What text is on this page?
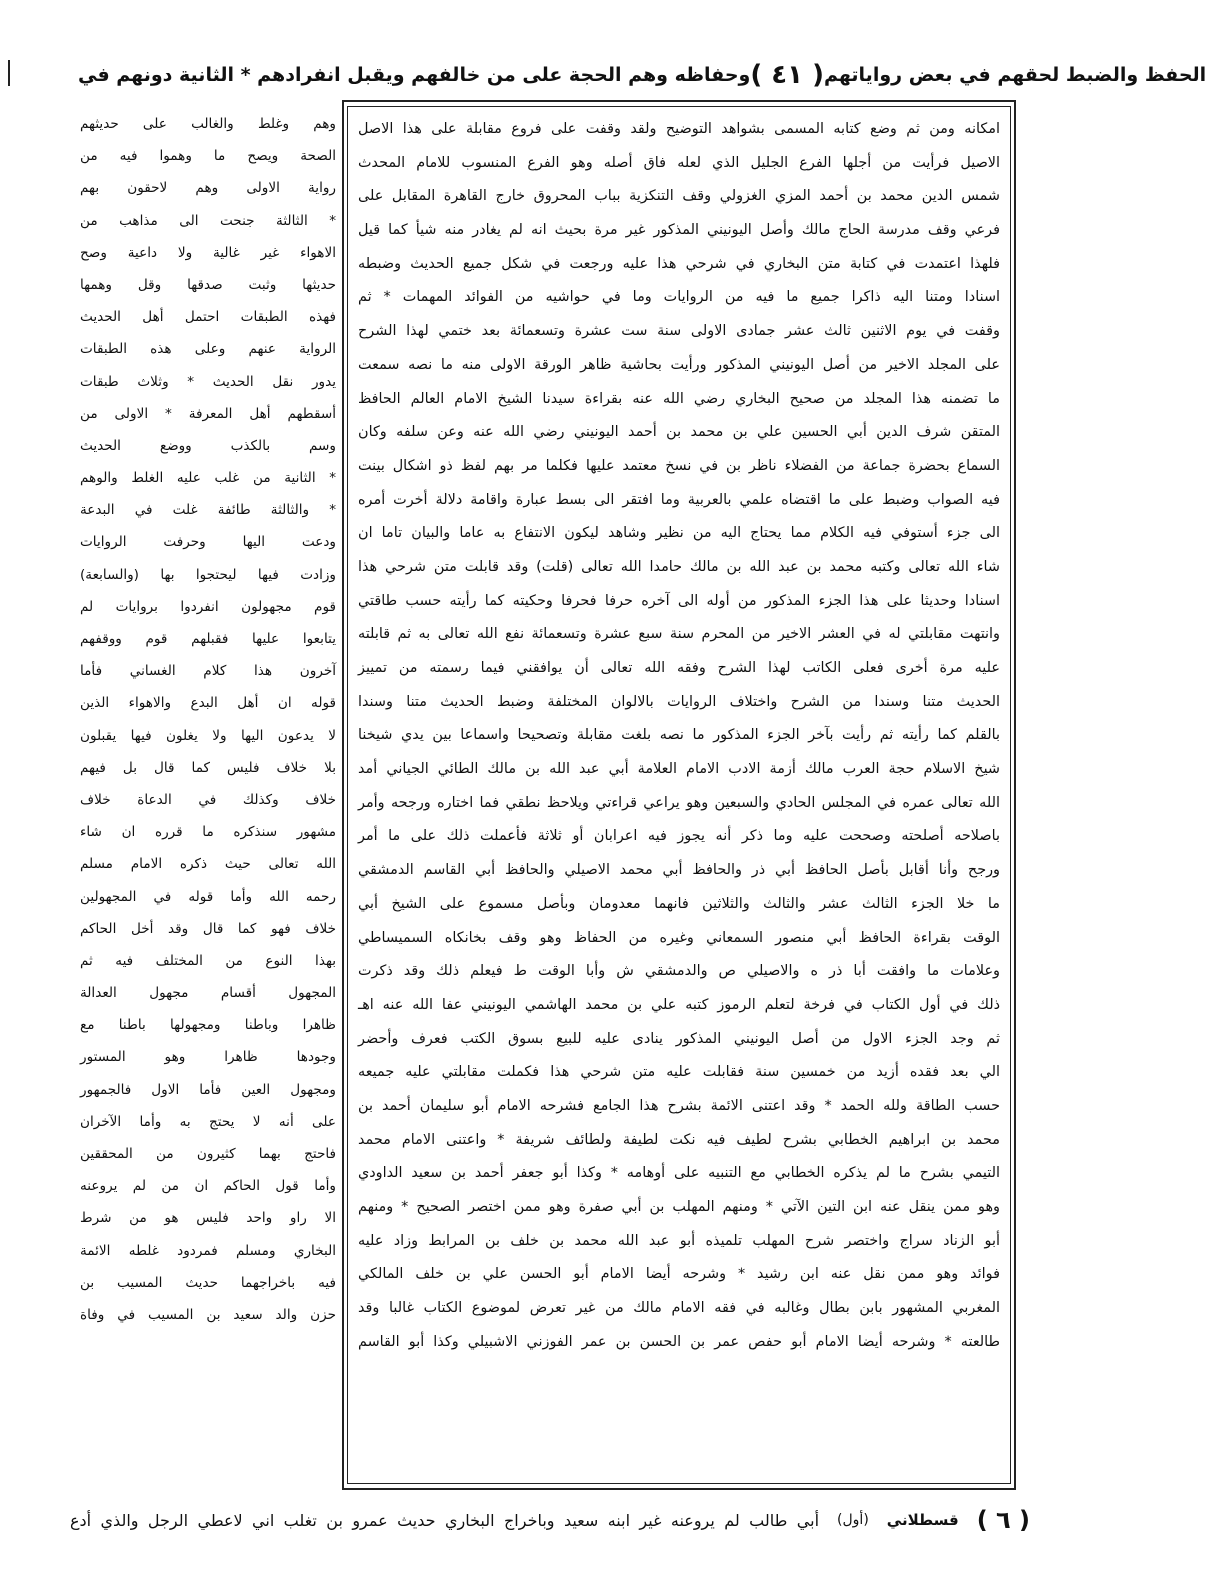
وحفاظه وهم الحجة على من خالفهم ويقبل انفرادهم * الثانية دونهم في ( ٤١ ) الحفظ والضبط لحقهم في بعض رواياتهم
امكانه ومن ثم وضع كتابه المسمى بشواهد التوضيح ولقد وقفت على فروع مقابلة على هذا الاصل
الاصيل فرأيت من أجلها الفرع الجليل الذي لعله فاق أصله وهو الفرع المنسوب للامام المحدث
شمس الدين محمد بن أحمد المزي الغزولي وقف التنكزية بباب المحروق خارج القاهرة المقابل على
فرعي وقف مدرسة الحاج مالك وأصل اليونيني المذكور غير مرة بحيث انه لم يغادر منه شيأ كما قيل
فلهذا اعتمدت في كتابة متن البخاري في شرحي هذا عليه ورجعت في شكل جميع الحديث وضبطه
اسنادا ومتنا اليه ذاكرا جميع ما فيه من الروايات وما في حواشيه من الفوائد المهمات * ثم
وقفت في يوم الاثنين ثالث عشر جمادى الاولى سنة ست عشرة وتسعمائة بعد ختمي لهذا الشرح
على المجلد الاخير من أصل اليونيني المذكور ورأيت بحاشية ظاهر الورقة الاولى منه ما نصه سمعت
ما تضمنه هذا المجلد من صحيح البخاري رضي الله عنه بقراءة سيدنا الشيخ الامام العالم الحافظ
المتقن شرف الدين أبي الحسين علي بن محمد بن أحمد اليونيني رضي الله عنه وعن سلفه وكان
السماع بحضرة جماعة من الفضلاء ناظر بن في نسخ معتمد عليها فكلما مر بهم لفظ ذو اشكال بينت
فيه الصواب وضبط على ما اقتضاه علمي بالعربية وما افتقر الى بسط عبارة واقامة دلالة أخرت أمره
الى جزء أستوفي فيه الكلام مما يحتاج اليه من نظير وشاهد ليكون الانتفاع به عاما والبيان تاما ان
شاء الله تعالى وكتبه محمد بن عبد الله بن مالك حامدا الله تعالى (قلت) وقد قابلت متن شرحي هذا
اسنادا وحديثا على هذا الجزء المذكور من أوله الى آخره حرفا فحرفا وحكيته كما رأيته حسب طاقتي
وانتهت مقابلتي له في العشر الاخير من المحرم سنة سبع عشرة وتسعمائة نفع الله تعالى به ثم قابلته
عليه مرة أخرى فعلى الكاتب لهذا الشرح وفقه الله تعالى أن يوافقني فيما رسمته من تمييز
الحديث متنا وسندا من الشرح واختلاف الروايات بالالوان المختلفة وضبط الحديث متنا وسندا
بالقلم كما رأيته ثم رأيت بآخر الجزء المذكور ما نصه بلغت مقابلة وتصحيحا واسماعا بين يدي شيخنا
شيخ الاسلام حجة العرب مالك أزمة الادب الامام العلامة أبي عبد الله بن مالك الطائي الجياني أمد
الله تعالى عمره في المجلس الحادي والسبعين وهو يراعي قراءتي ويلاحظ نطقي فما اختاره ورجحه وأمر
باصلاحه أصلحته وصححت عليه وما ذكر أنه يجوز فيه اعرابان أو ثلاثة فأعملت ذلك على ما أمر
ورجح وأنا أقابل بأصل الحافظ أبي ذر والحافظ أبي محمد الاصيلي والحافظ أبي القاسم الدمشقي
ما خلا الجزء الثالث عشر والثالث والثلاثين فانهما معدومان وبأصل مسموع على الشيخ أبي
الوقت بقراءة الحافظ أبي منصور السمعاني وغيره من الحفاظ وهو وقف بخانكاه السميساطي
وعلامات ما وافقت أبا ذر ه والاصيلي ص والدمشقي ش وأبا الوقت ط فيعلم ذلك وقد ذكرت
ذلك في أول الكتاب في فرخة لتعلم الرموز كتبه علي بن محمد الهاشمي اليونيني عفا الله عنه اهـ
ثم وجد الجزء الاول من أصل اليونيني المذكور ينادى عليه للبيع بسوق الكتب فعرف وأحضر
الي بعد فقده أزيد من خمسين سنة فقابلت عليه متن شرحي هذا فكملت مقابلتي عليه جميعه
حسب الطاقة ولله الحمد * وقد اعتنى الائمة بشرح هذا الجامع فشرحه الامام أبو سليمان أحمد بن
محمد بن ابراهيم الخطابي بشرح لطيف فيه نكت لطيفة ولطائف شريفة * واعتنى الامام محمد
التيمي بشرح ما لم يذكره الخطابي مع التنبيه على أوهامه * وكذا أبو جعفر أحمد بن سعيد الداودي
وهو ممن ينقل عنه ابن التين الآتي * ومنهم المهلب بن أبي صفرة وهو ممن اختصر الصحيح * ومنهم
أبو الزناد سراج واختصر شرح المهلب تلميذه أبو عبد الله محمد بن خلف بن المرابط وزاد عليه
فوائد وهو ممن نقل عنه ابن رشيد * وشرحه أيضا الامام أبو الحسن علي بن خلف المالكي
المغربي المشهور بابن بطال وغالبه في فقه الامام مالك من غير تعرض لموضوع الكتاب غالبا وقد
طالعته * وشرحه أيضا الامام أبو حفص عمر بن الحسن بن عمر الفوزني الاشبيلي وكذا أبو القاسم
وهم وغلط والغالب على حديثهم
الصحة ويصح ما وهموا فيه من
رواية الاولى وهم لاحقون بهم
* الثالثة جنحت الى مذاهب من
الاهواء غير غالية ولا داعية وصح
حديثها وثبت صدقها وقل وهمها
فهذه الطبقات احتمل أهل الحديث
الرواية عنهم وعلى هذه الطبقات
يدور نقل الحديث * وثلاث طبقات
أسقطهم أهل المعرفة * الاولى من
وسم بالكذب ووضع الحديث
* الثانية من غلب عليه الغلط والوهم
* والثالثة طائفة غلت في البدعة
ودعت اليها وحرفت الروايات
وزادت فيها ليحتجوا بها (والسابعة)
قوم مجهولون انفردوا بروايات لم
يتابعوا عليها فقبلهم قوم ووقفهم
آخرون هذا كلام الغساني فأما
قوله ان أهل البدع والاهواء الذين
لا يدعون اليها ولا يغلون فيها يقبلون
بلا خلاف فليس كما قال بل فيهم
خلاف وكذلك في الدعاة خلاف
مشهور سنذكره ما قرره ان شاء
الله تعالى حيث ذكره الامام مسلم
رحمه الله وأما قوله في المجهولين
خلاف فهو كما قال وقد أخل الحاكم
بهذا النوع من المختلف فيه ثم
المجهول أقسام مجهول العدالة
ظاهرا وباطنا ومجهولها باطنا مع
وجودها ظاهرا وهو المستور
ومجهول العين فأما الاول فالجمهور
على أنه لا يحتج به وأما الآخران
فاحتج بهما كثيرون من المحققين
وأما قول الحاكم ان من لم يروعنه
الا راو واحد فليس هو من شرط
البخاري ومسلم فمردود غلطه الائمة
فيه باخراجهما حديث المسيب بن
حزن والد سعيد بن المسيب في وفاة
( ٦ )
قسطلاني
(أول)
أبي طالب لم يروعنه غير ابنه سعيد وباخراج البخاري حديث عمرو بن تغلب اني لاعطي الرجل والذي أدع
